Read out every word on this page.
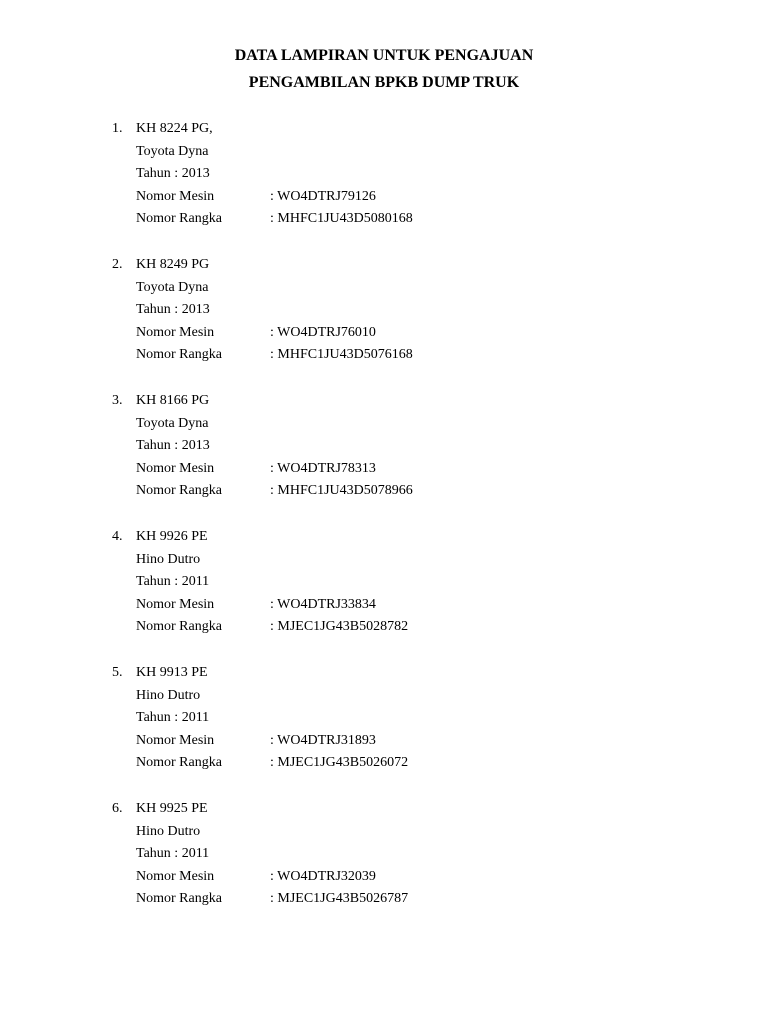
DATA LAMPIRAN UNTUK PENGAJUAN
PENGAMBILAN BPKB DUMP TRUK
1. KH 8224 PG,
Toyota Dyna
Tahun : 2013
Nomor Mesin	: WO4DTRJ79126
Nomor Rangka	: MHFC1JU43D5080168
2. KH 8249 PG
Toyota Dyna
Tahun : 2013
Nomor Mesin	: WO4DTRJ76010
Nomor Rangka	: MHFC1JU43D5076168
3. KH 8166 PG
Toyota Dyna
Tahun : 2013
Nomor Mesin	: WO4DTRJ78313
Nomor Rangka	: MHFC1JU43D5078966
4. KH 9926 PE
Hino Dutro
Tahun : 2011
Nomor Mesin	: WO4DTRJ33834
Nomor Rangka	: MJEC1JG43B5028782
5. KH 9913 PE
Hino Dutro
Tahun : 2011
Nomor Mesin	: WO4DTRJ31893
Nomor Rangka	: MJEC1JG43B5026072
6. KH 9925 PE
Hino Dutro
Tahun : 2011
Nomor Mesin	: WO4DTRJ32039
Nomor Rangka	: MJEC1JG43B5026787
